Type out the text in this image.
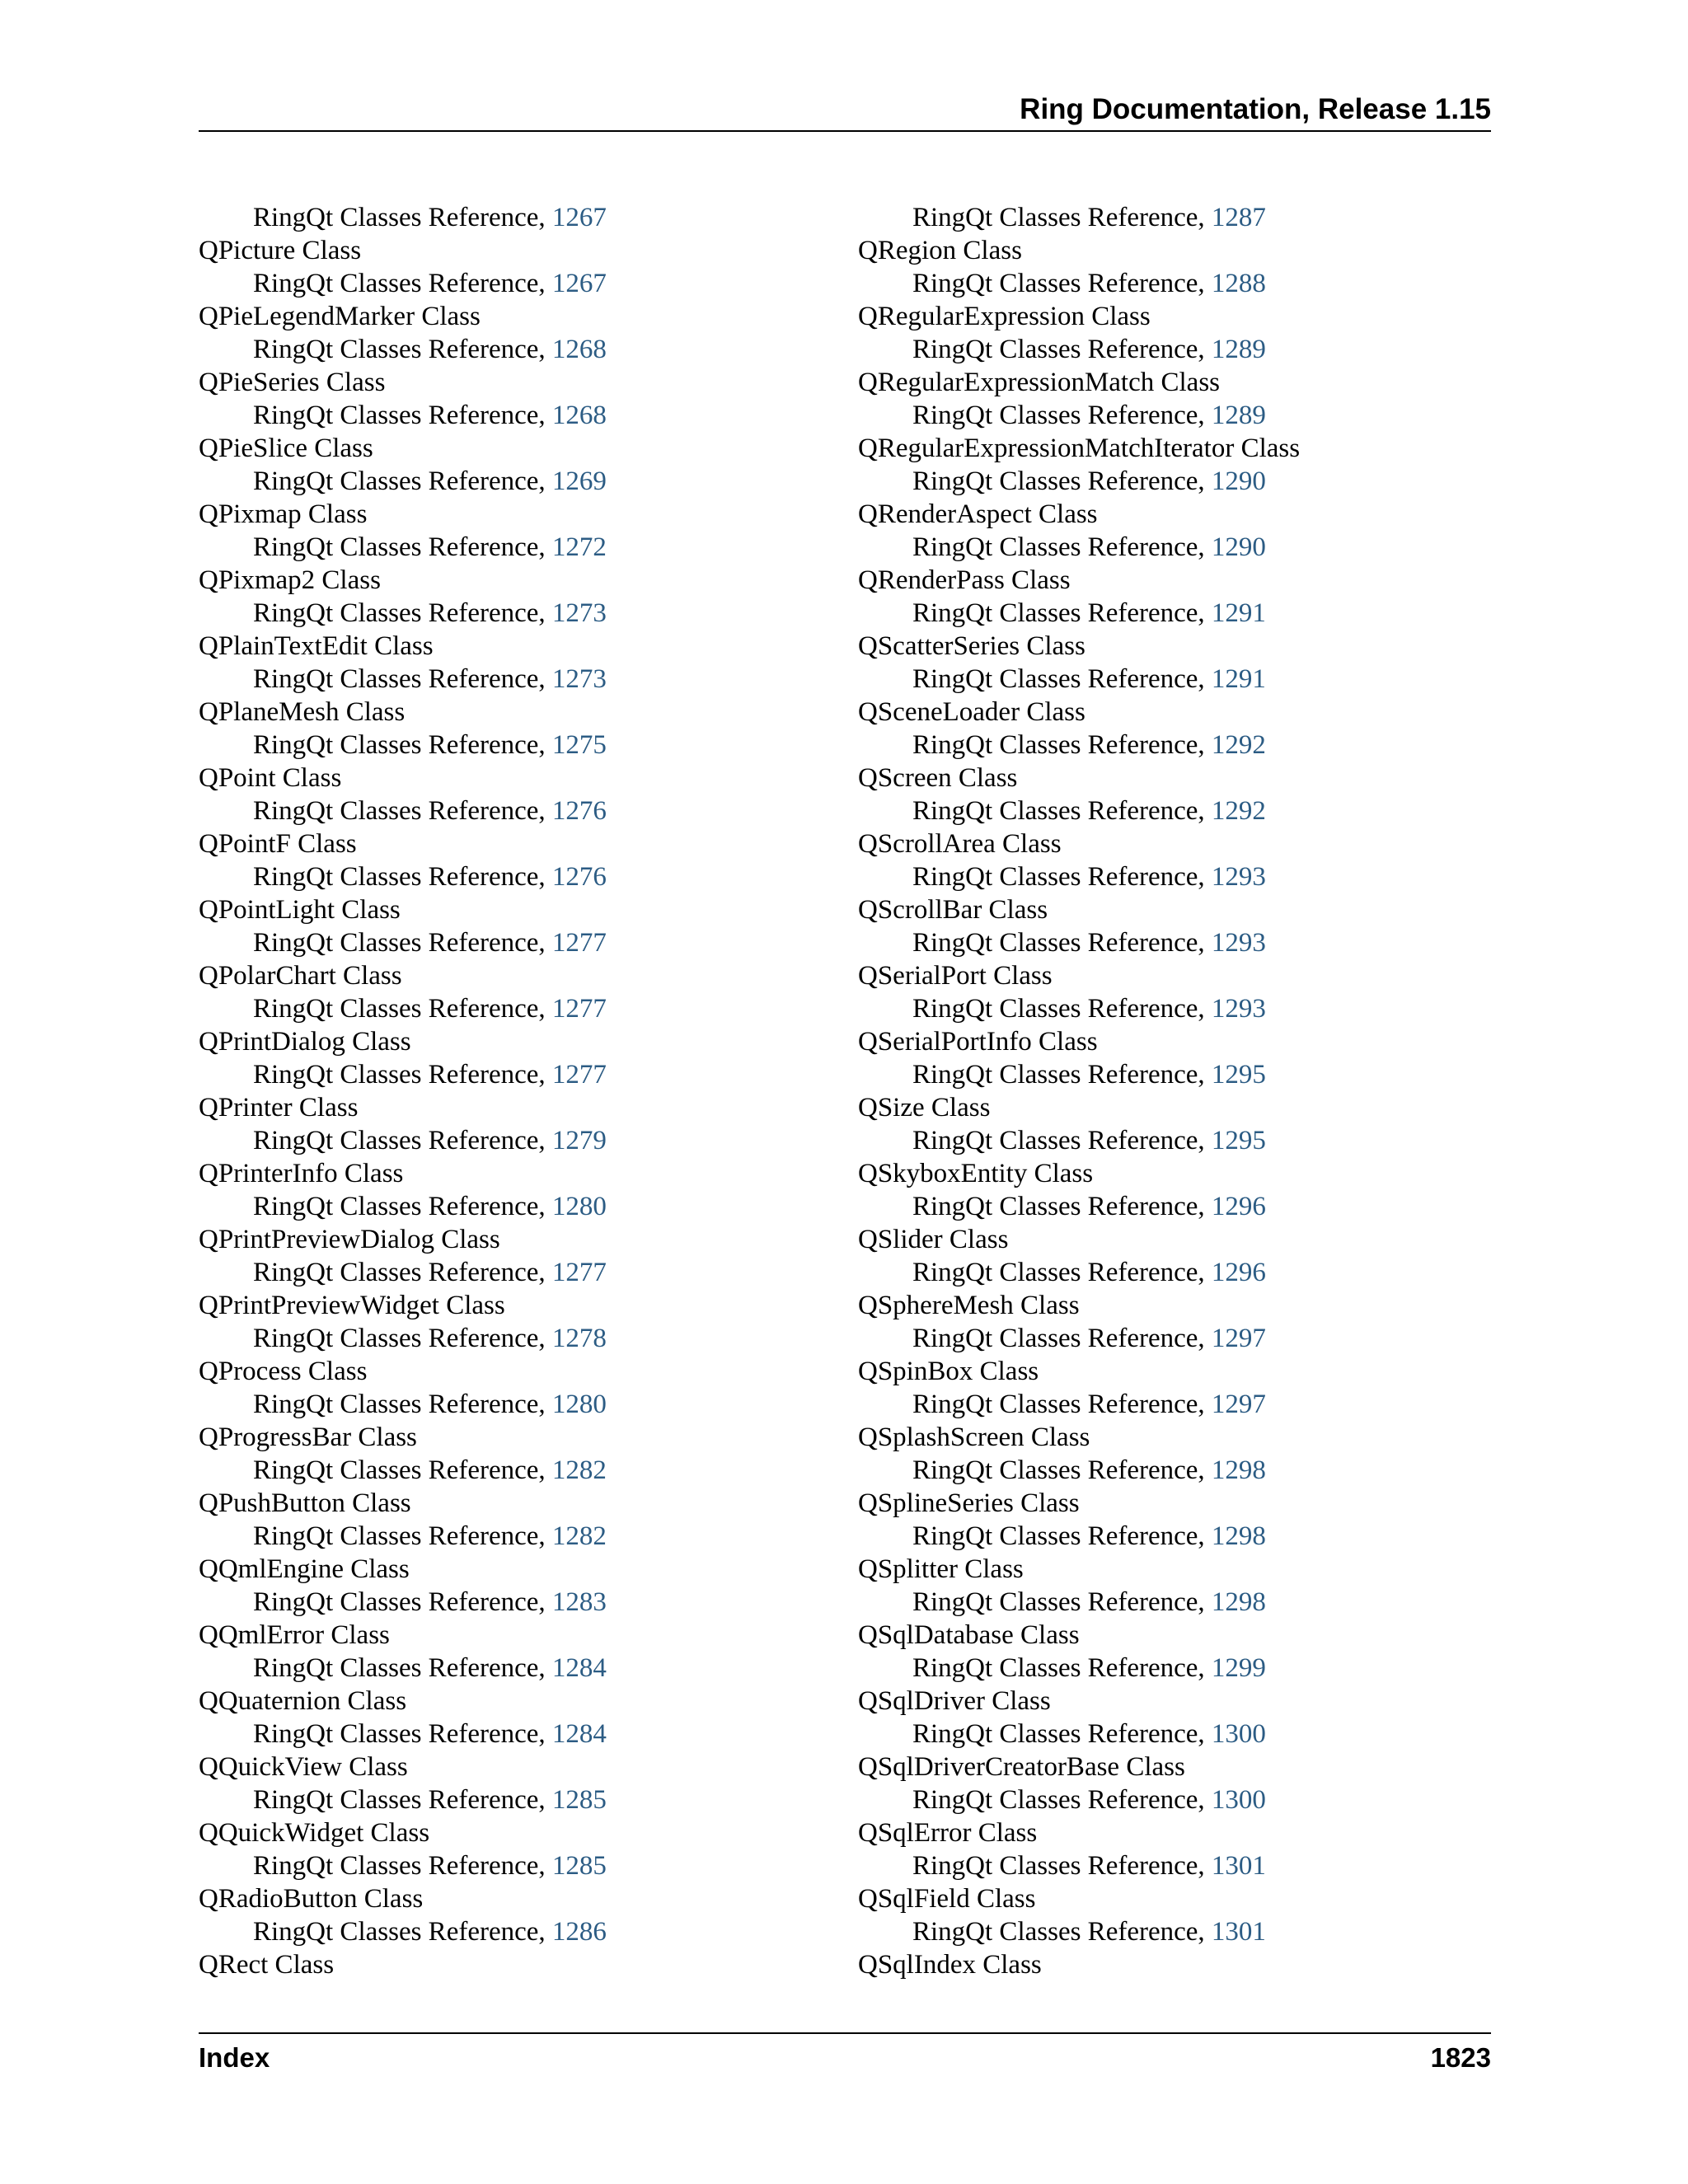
Ring Documentation, Release 1.15
RingQt Classes Reference, 1267
QPicture Class
RingQt Classes Reference, 1267
QPieLegendMarker Class
RingQt Classes Reference, 1268
QPieSeries Class
RingQt Classes Reference, 1268
QPieSlice Class
RingQt Classes Reference, 1269
QPixmap Class
RingQt Classes Reference, 1272
QPixmap2 Class
RingQt Classes Reference, 1273
QPlainTextEdit Class
RingQt Classes Reference, 1273
QPlaneMesh Class
RingQt Classes Reference, 1275
QPoint Class
RingQt Classes Reference, 1276
QPointF Class
RingQt Classes Reference, 1276
QPointLight Class
RingQt Classes Reference, 1277
QPolarChart Class
RingQt Classes Reference, 1277
QPrintDialog Class
RingQt Classes Reference, 1277
QPrinter Class
RingQt Classes Reference, 1279
QPrinterInfo Class
RingQt Classes Reference, 1280
QPrintPreviewDialog Class
RingQt Classes Reference, 1277
QPrintPreviewWidget Class
RingQt Classes Reference, 1278
QProcess Class
RingQt Classes Reference, 1280
QProgressBar Class
RingQt Classes Reference, 1282
QPushButton Class
RingQt Classes Reference, 1282
QQmlEngine Class
RingQt Classes Reference, 1283
QQmlError Class
RingQt Classes Reference, 1284
QQuaternion Class
RingQt Classes Reference, 1284
QQuickView Class
RingQt Classes Reference, 1285
QQuickWidget Class
RingQt Classes Reference, 1285
QRadioButton Class
RingQt Classes Reference, 1286
QRect Class
RingQt Classes Reference, 1287
QRegion Class
RingQt Classes Reference, 1288
QRegularExpression Class
RingQt Classes Reference, 1289
QRegularExpressionMatch Class
RingQt Classes Reference, 1289
QRegularExpressionMatchIterator Class
RingQt Classes Reference, 1290
QRenderAspect Class
RingQt Classes Reference, 1290
QRenderPass Class
RingQt Classes Reference, 1291
QScatterSeries Class
RingQt Classes Reference, 1291
QSceneLoader Class
RingQt Classes Reference, 1292
QScreen Class
RingQt Classes Reference, 1292
QScrollArea Class
RingQt Classes Reference, 1293
QScrollBar Class
RingQt Classes Reference, 1293
QSerialPort Class
RingQt Classes Reference, 1293
QSerialPortInfo Class
RingQt Classes Reference, 1295
QSize Class
RingQt Classes Reference, 1295
QSkyboxEntity Class
RingQt Classes Reference, 1296
QSlider Class
RingQt Classes Reference, 1296
QSphereMesh Class
RingQt Classes Reference, 1297
QSpinBox Class
RingQt Classes Reference, 1297
QSplashScreen Class
RingQt Classes Reference, 1298
QSplineSeries Class
RingQt Classes Reference, 1298
QSplitter Class
RingQt Classes Reference, 1298
QSqlDatabase Class
RingQt Classes Reference, 1299
QSqlDriver Class
RingQt Classes Reference, 1300
QSqlDriverCreatorBase Class
RingQt Classes Reference, 1300
QSqlError Class
RingQt Classes Reference, 1301
QSqlField Class
RingQt Classes Reference, 1301
QSqlIndex Class
Index	1823
